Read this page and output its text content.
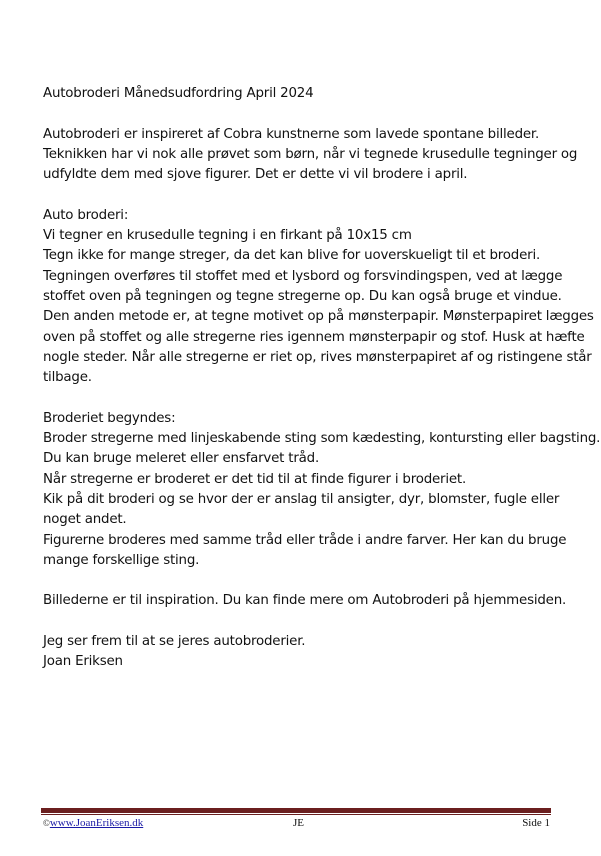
Autobroderi Månedsudfordring April 2024
Autobroderi er inspireret af Cobra kunstnerne som lavede spontane billeder.
Teknikken har vi nok alle prøvet som børn, når vi tegnede krusedulle tegninger og
udfyldte dem med sjove figurer. Det er dette vi vil brodere i april.
Auto broderi:
Vi tegner en krusedulle tegning i en firkant på 10x15 cm
Tegn ikke for mange streger, da det kan blive for uoverskueligt til et broderi.
Tegningen overføres til stoffet med et lysbord og forsvindingspen, ved at lægge
stoffet oven på tegningen og tegne stregerne op. Du kan også bruge et vindue.
Den anden metode er, at tegne motivet op på mønsterpapir. Mønsterpapiret lægges
oven på stoffet og alle stregerne ries igennem mønsterpapir og stof. Husk at hæfte
nogle steder. Når alle stregerne er riet op, rives mønsterpapiret af og ristingene står
tilbage.
Broderiet begyndes:
Broder stregerne med linjeskabende sting som kædesting, kontursting eller bagsting.
Du kan bruge meleret eller ensfarvet tråd.
Når stregerne er broderet er det tid til at finde figurer i broderiet.
Kik på dit broderi og se hvor der er anslag til ansigter, dyr, blomster, fugle eller
noget andet.
Figurerne broderes med samme tråd eller tråde i andre farver. Her kan du bruge
mange forskellige sting.
Billederne er til inspiration. Du kan finde mere om Autobroderi på hjemmesiden.
Jeg ser frem til at se jeres autobroderier.
Joan Eriksen
©www.JoanEriksen.dk	JE	Side 1
